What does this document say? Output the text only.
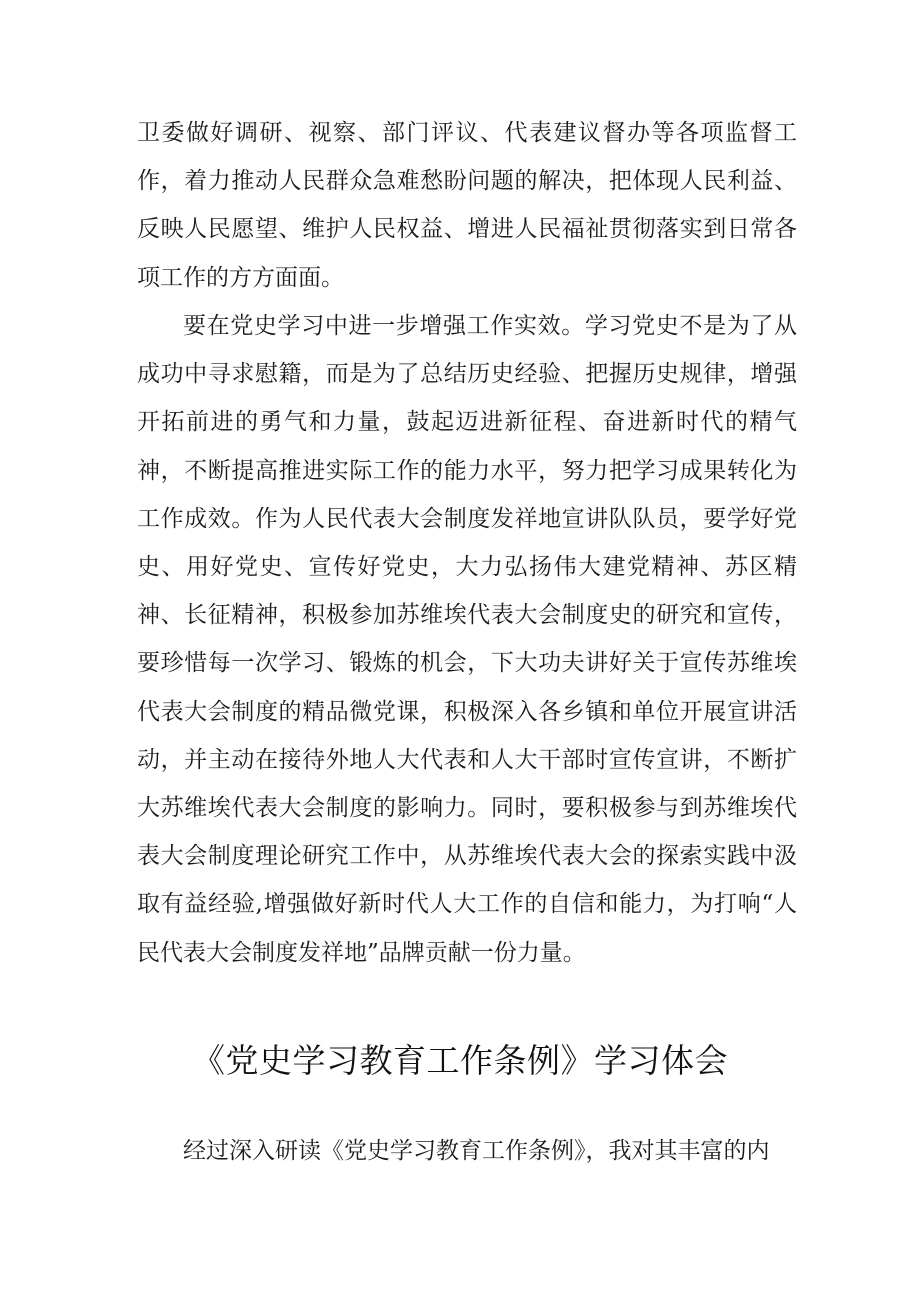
卫委做好调研、视察、部门评议、代表建议督办等各项监督工作，着力推动人民群众急难愁盼问题的解决，把体现人民利益、反映人民愿望、维护人民权益、增进人民福祉贯彻落实到日常各项工作的方方面面。

要在党史学习中进一步增强工作实效。学习党史不是为了从成功中寻求慰籍，而是为了总结历史经验、把握历史规律，增强开拓前进的勇气和力量，鼓起迈进新征程、奋进新时代的精气神，不断提高推进实际工作的能力水平，努力把学习成果转化为工作成效。作为人民代表大会制度发祥地宣讲队队员，要学好党史、用好党史、宣传好党史，大力弘扬伟大建党精神、苏区精神、长征精神，积极参加苏维埃代表大会制度史的研究和宣传，要珍惜每一次学习、锻炼的机会，下大功夫讲好关于宣传苏维埃代表大会制度的精品微党课，积极深入各乡镇和单位开展宣讲活动，并主动在接待外地人大代表和人大干部时宣传宣讲，不断扩大苏维埃代表大会制度的影响力。同时，要积极参与到苏维埃代表大会制度理论研究工作中，从苏维埃代表大会的探索实践中汲取有益经验,增强做好新时代人大工作的自信和能力，为打响“人民代表大会制度发祥地”品牌贡献一份力量。

《党史学习教育工作条例》学习体会

经过深入研读《党史学习教育工作条例》，我对其丰富的内
